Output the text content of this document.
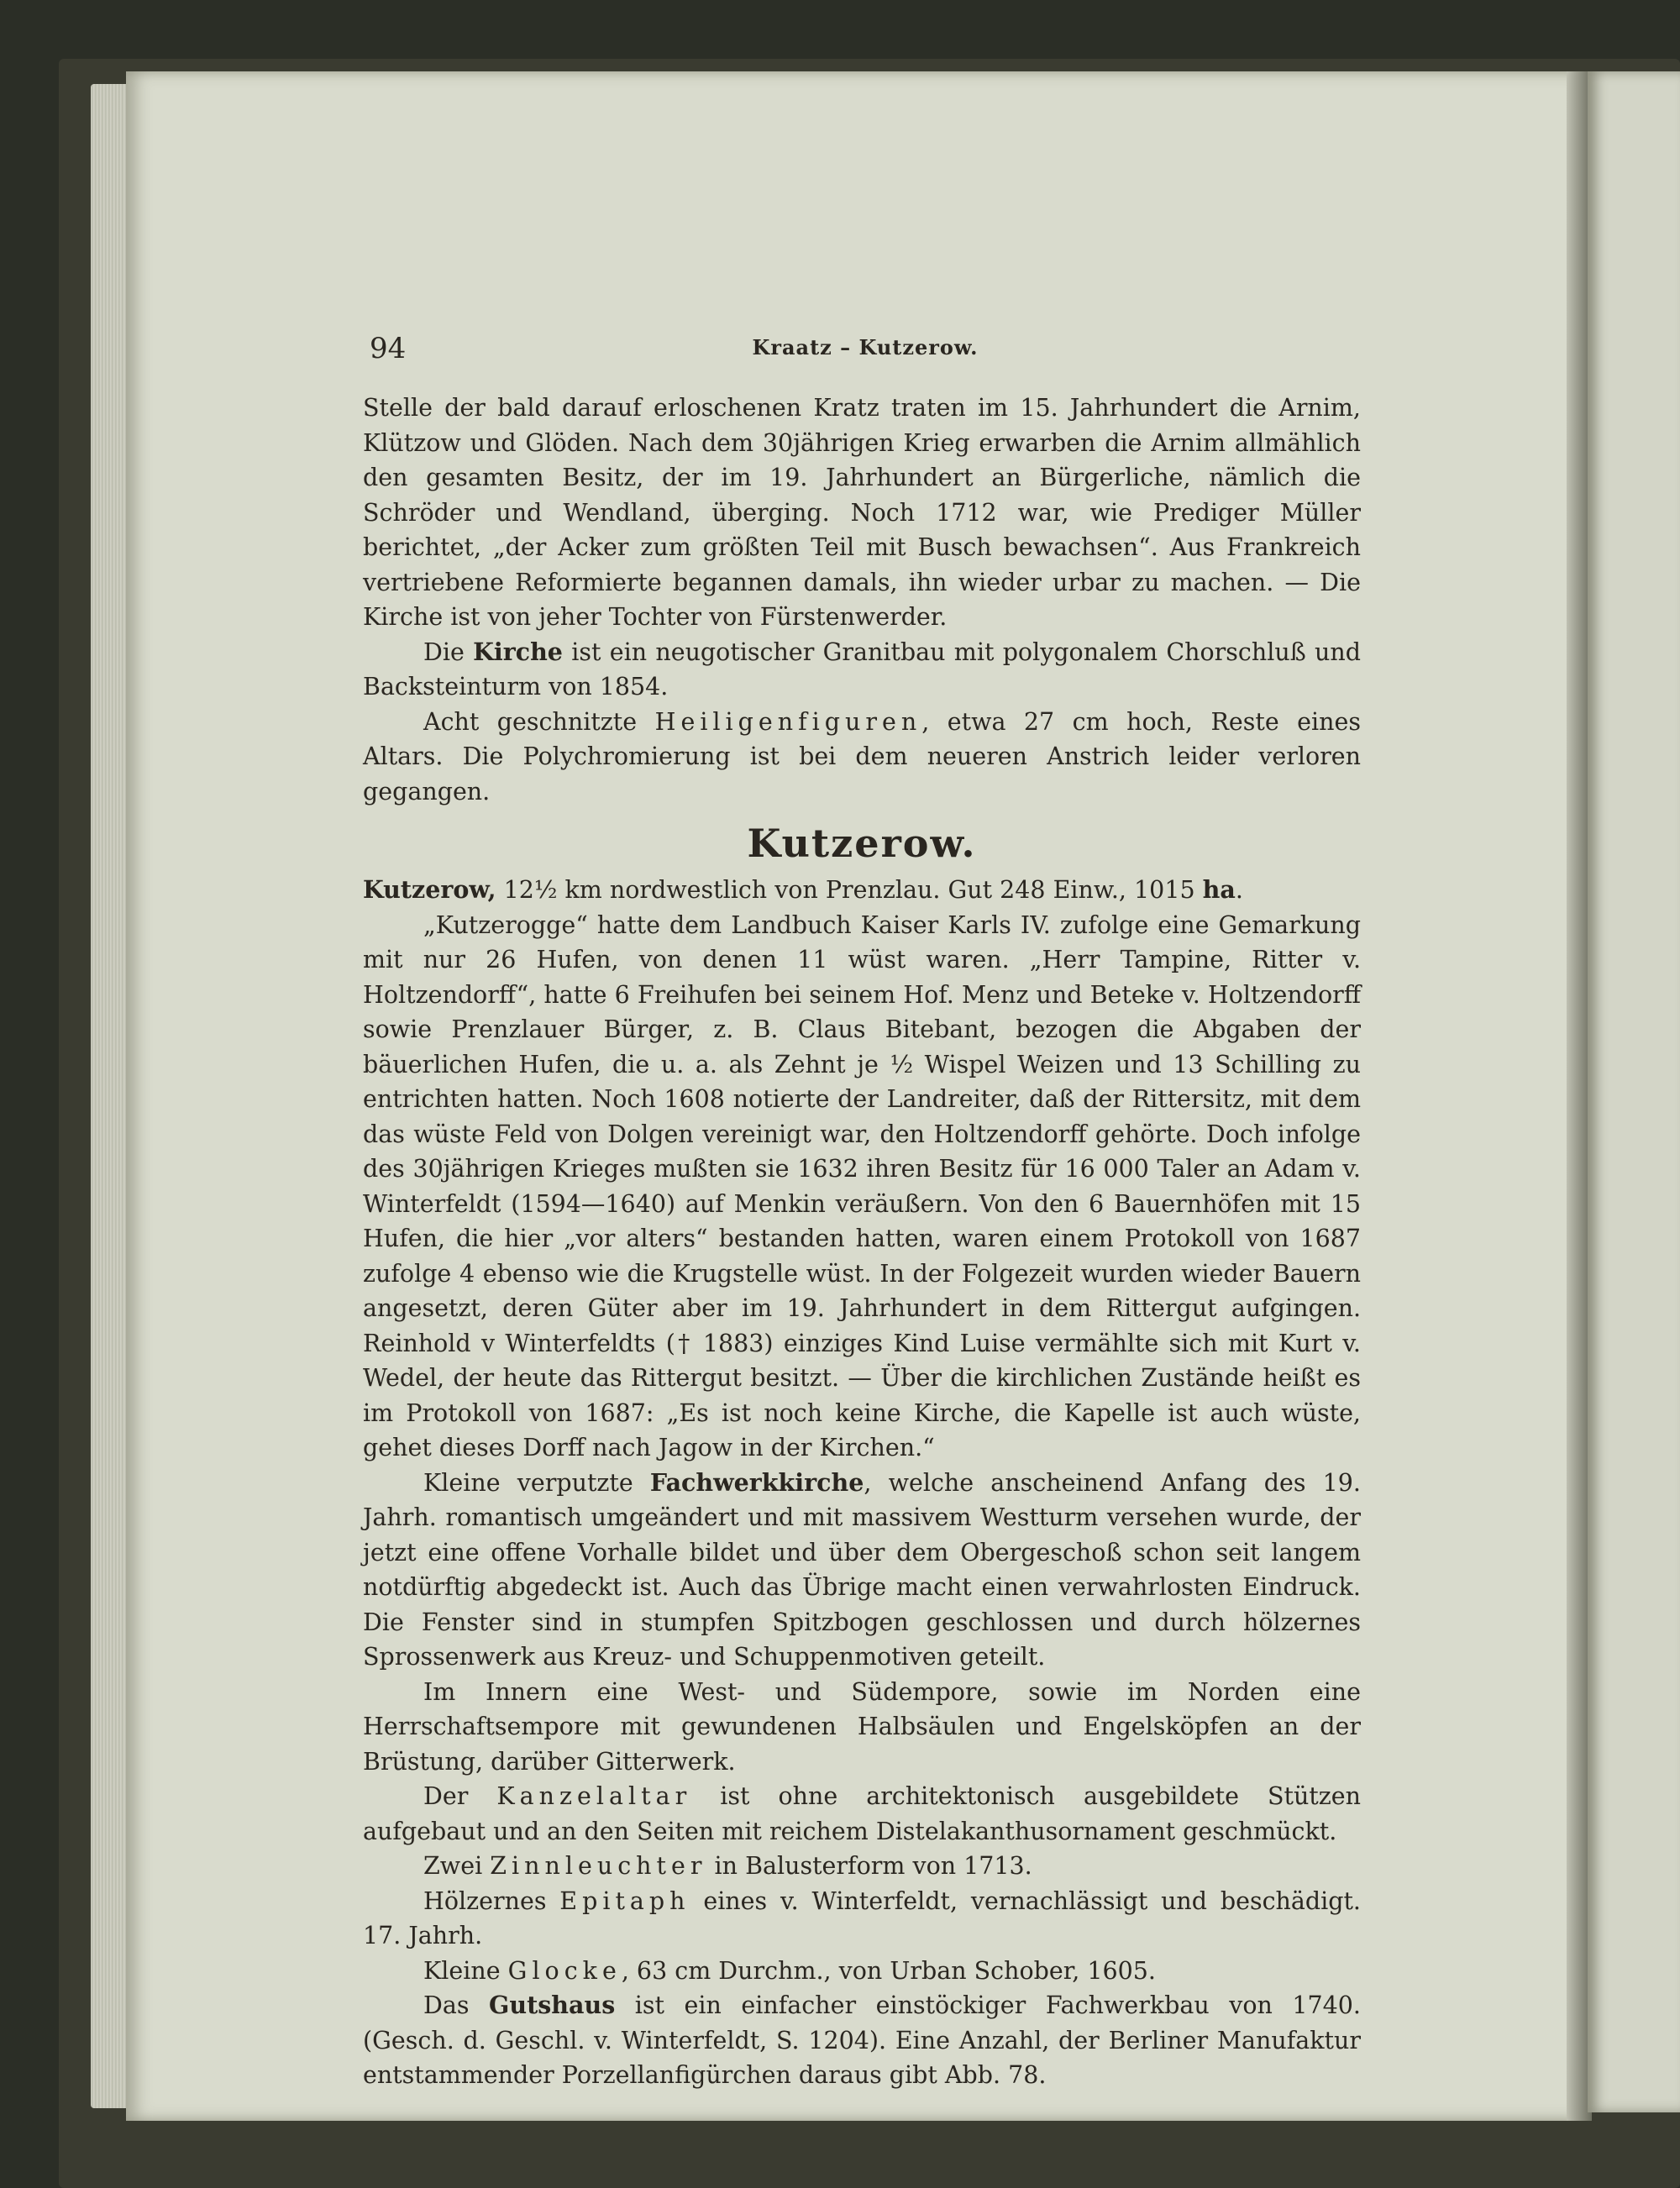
94	Kraatz – Kutzerow.

Stelle der bald darauf erloschenen Kratz traten im 15. Jahrhundert die Arnim, Klützow und Glöden. Nach dem 30jährigen Krieg erwarben die Arnim allmählich den gesamten Besitz, der im 19. Jahrhundert an Bürgerliche, nämlich die Schröder und Wendland, überging. Noch 1712 war, wie Prediger Müller berichtet, „der Acker zum größten Teil mit Busch bewachsen“. Aus Frankreich vertriebene Reformierte begannen damals, ihn wieder urbar zu machen. — Die Kirche ist von jeher Tochter von Fürstenwerder.

Die Kirche ist ein neugotischer Granitbau mit polygonalem Chorschluß und Backsteinturm von 1854.

Acht geschnitzte Heiligenfiguren, etwa 27 cm hoch, Reste eines Altars. Die Polychromierung ist bei dem neueren Anstrich leider verloren gegangen.

Kutzerow.

Kutzerow, 12½ km nordwestlich von Prenzlau. Gut 248 Einw., 1015 ha.

„Kutzerogge“ hatte dem Landbuch Kaiser Karls IV. zufolge eine Gemarkung mit nur 26 Hufen, von denen 11 wüst waren. „Herr Tampine, Ritter v. Holtzendorff“, hatte 6 Freihufen bei seinem Hof. Menz und Beteke v. Holtzendorff sowie Prenzlauer Bürger, z. B. Claus Bitebant, bezogen die Abgaben der bäuerlichen Hufen, die u. a. als Zehnt je ½ Wispel Weizen und 13 Schilling zu entrichten hatten. Noch 1608 notierte der Landreiter, daß der Rittersitz, mit dem das wüste Feld von Dolgen vereinigt war, den Holtzendorff gehörte. Doch infolge des 30jährigen Krieges mußten sie 1632 ihren Besitz für 16 000 Taler an Adam v. Winterfeldt (1594—1640) auf Menkin veräußern. Von den 6 Bauernhöfen mit 15 Hufen, die hier „vor alters“ bestanden hatten, waren einem Protokoll von 1687 zufolge 4 ebenso wie die Krugstelle wüst. In der Folgezeit wurden wieder Bauern angesetzt, deren Güter aber im 19. Jahrhundert in dem Rittergut aufgingen. Reinhold v Winterfeldts († 1883) einziges Kind Luise vermählte sich mit Kurt v. Wedel, der heute das Rittergut besitzt. — Über die kirchlichen Zustände heißt es im Protokoll von 1687: „Es ist noch keine Kirche, die Kapelle ist auch wüste, gehet dieses Dorff nach Jagow in der Kirchen.“

Kleine verputzte Fachwerkkirche, welche anscheinend Anfang des 19. Jahrh. romantisch umgeändert und mit massivem Westturm versehen wurde, der jetzt eine offene Vorhalle bildet und über dem Obergeschoß schon seit langem notdürftig abgedeckt ist. Auch das Übrige macht einen verwahrlosten Eindruck. Die Fenster sind in stumpfen Spitzbogen geschlossen und durch hölzernes Sprossenwerk aus Kreuz- und Schuppenmotiven geteilt.

Im Innern eine West- und Südempore, sowie im Norden eine Herrschaftsempore mit gewundenen Halbsäulen und Engelsköpfen an der Brüstung, darüber Gitterwerk.

Der Kanzelaltar ist ohne architektonisch ausgebildete Stützen aufgebaut und an den Seiten mit reichem Distelakanthusornament geschmückt.

Zwei Zinnleuchter in Balusterform von 1713.

Hölzernes Epitaph eines v. Winterfeldt, vernachlässigt und beschädigt. 17. Jahrh.

Kleine Glocke, 63 cm Durchm., von Urban Schober, 1605.

Das Gutshaus ist ein einfacher einstöckiger Fachwerkbau von 1740. (Gesch. d. Geschl. v. Winterfeldt, S. 1204). Eine Anzahl, der Berliner Manufaktur entstammender Porzellanfigürchen daraus gibt Abb. 78.
